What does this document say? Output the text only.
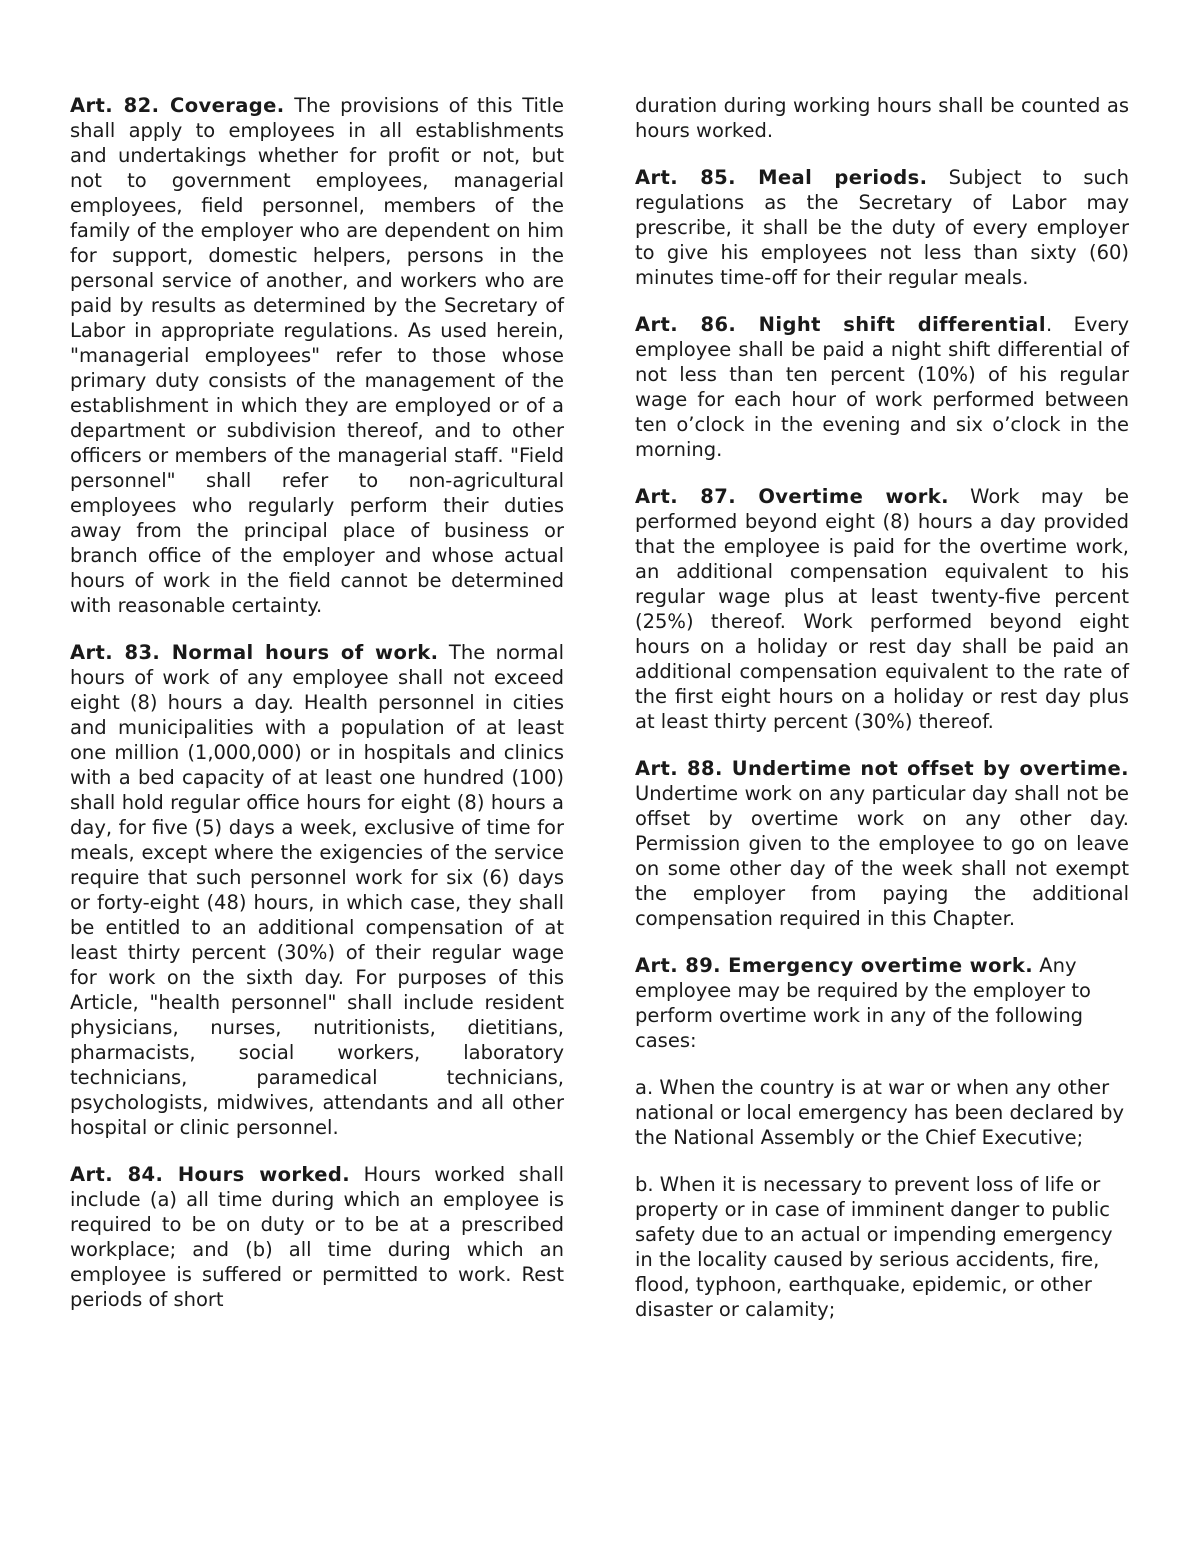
Art. 82. Coverage. The provisions of this Title shall apply to employees in all establishments and undertakings whether for profit or not, but not to government employees, managerial employees, field personnel, members of the family of the employer who are dependent on him for support, domestic helpers, persons in the personal service of another, and workers who are paid by results as determined by the Secretary of Labor in appropriate regulations. As used herein, "managerial employees" refer to those whose primary duty consists of the management of the establishment in which they are employed or of a department or subdivision thereof, and to other officers or members of the managerial staff. "Field personnel" shall refer to non-agricultural employees who regularly perform their duties away from the principal place of business or branch office of the employer and whose actual hours of work in the field cannot be determined with reasonable certainty.

Art. 83. Normal hours of work. The normal hours of work of any employee shall not exceed eight (8) hours a day. Health personnel in cities and municipalities with a population of at least one million (1,000,000) or in hospitals and clinics with a bed capacity of at least one hundred (100) shall hold regular office hours for eight (8) hours a day, for five (5) days a week, exclusive of time for meals, except where the exigencies of the service require that such personnel work for six (6) days or forty-eight (48) hours, in which case, they shall be entitled to an additional compensation of at least thirty percent (30%) of their regular wage for work on the sixth day. For purposes of this Article, "health personnel" shall include resident physicians, nurses, nutritionists, dietitians, pharmacists, social workers, laboratory technicians, paramedical technicians, psychologists, midwives, attendants and all other hospital or clinic personnel.

Art. 84. Hours worked. Hours worked shall include (a) all time during which an employee is required to be on duty or to be at a prescribed workplace; and (b) all time during which an employee is suffered or permitted to work. Rest periods of short

duration during working hours shall be counted as hours worked.

Art. 85. Meal periods. Subject to such regulations as the Secretary of Labor may prescribe, it shall be the duty of every employer to give his employees not less than sixty (60) minutes time-off for their regular meals.

Art. 86. Night shift differential. Every employee shall be paid a night shift differential of not less than ten percent (10%) of his regular wage for each hour of work performed between ten o’clock in the evening and six o’clock in the morning.

Art. 87. Overtime work. Work may be performed beyond eight (8) hours a day provided that the employee is paid for the overtime work, an additional compensation equivalent to his regular wage plus at least twenty-five percent (25%) thereof. Work performed beyond eight hours on a holiday or rest day shall be paid an additional compensation equivalent to the rate of the first eight hours on a holiday or rest day plus at least thirty percent (30%) thereof.

Art. 88. Undertime not offset by overtime. Undertime work on any particular day shall not be offset by overtime work on any other day. Permission given to the employee to go on leave on some other day of the week shall not exempt the employer from paying the additional compensation required in this Chapter.

Art. 89. Emergency overtime work. Any employee may be required by the employer to perform overtime work in any of the following cases:

a. When the country is at war or when any other national or local emergency has been declared by the National Assembly or the Chief Executive;

b. When it is necessary to prevent loss of life or property or in case of imminent danger to public safety due to an actual or impending emergency in the locality caused by serious accidents, fire, flood, typhoon, earthquake, epidemic, or other disaster or calamity;
